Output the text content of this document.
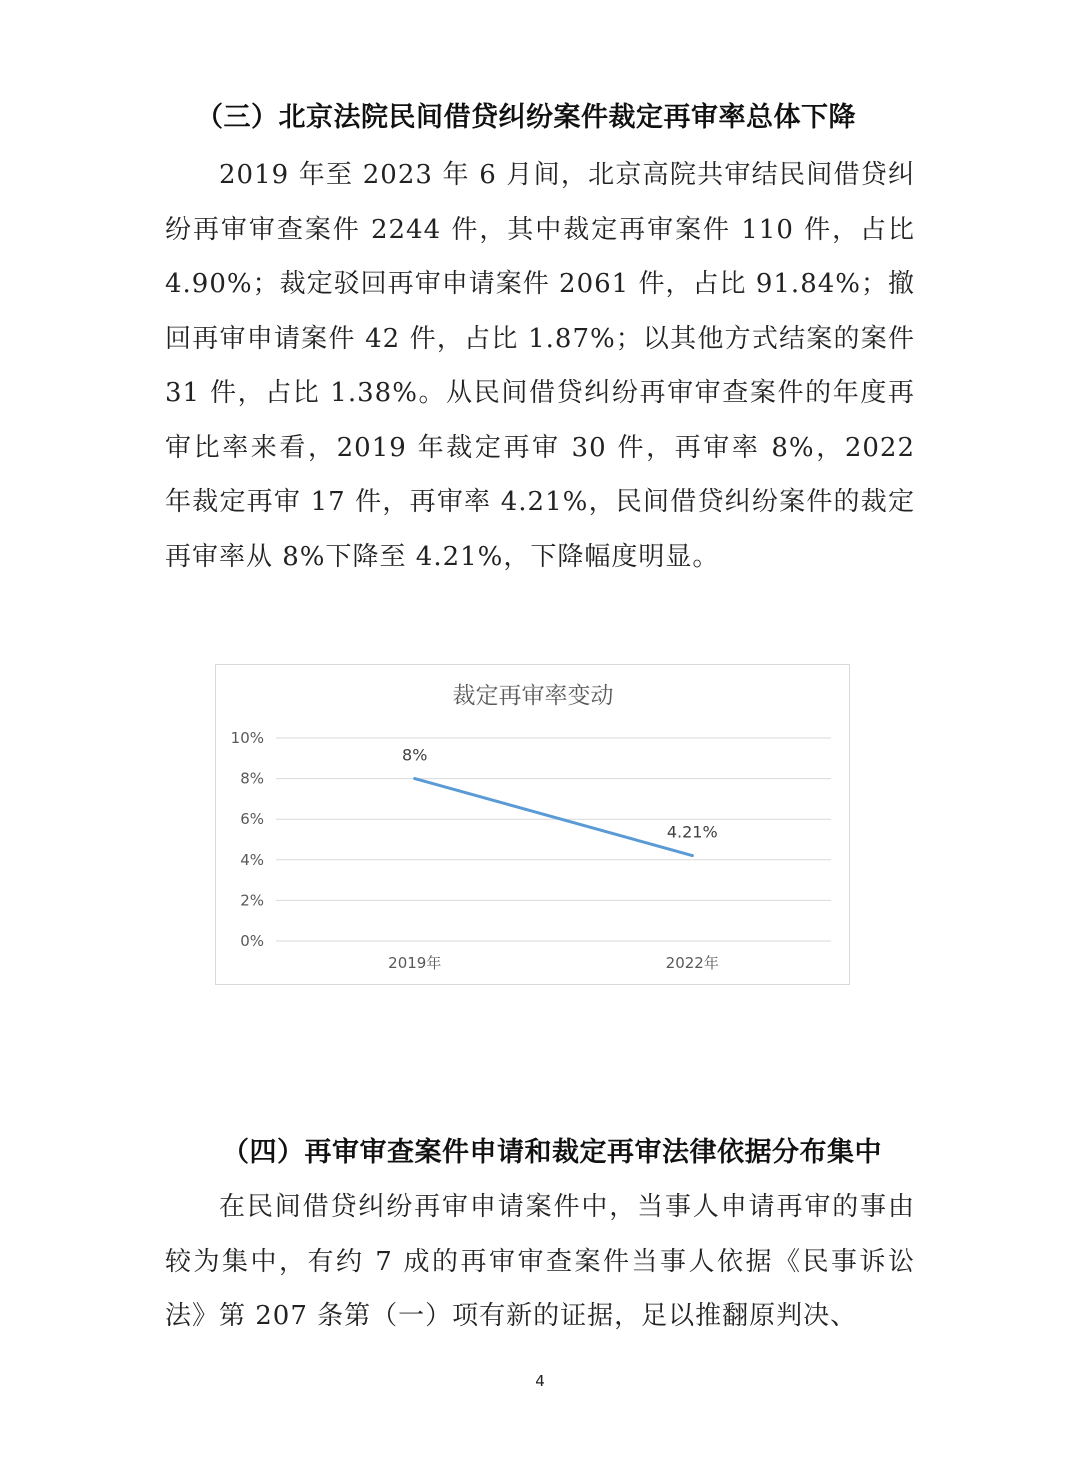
（三）北京法院民间借贷纠纷案件裁定再审率总体下降

2019 年至 2023 年 6 月间，北京高院共审结民间借贷纠纷再审审查案件 2244 件，其中裁定再审案件 110 件，占比 4.90%；裁定驳回再审申请案件 2061 件，占比 91.84%；撤回再审申请案件 42 件，占比 1.87%；以其他方式结案的案件 31 件，占比 1.38%。从民间借贷纠纷再审审查案件的年度再审比率来看，2019 年裁定再审 30 件，再审率 8%，2022 年裁定再审 17 件，再审率 4.21%，民间借贷纠纷案件的裁定再审率从 8%下降至 4.21%，下降幅度明显。

裁定再审率变动
0%
2%
4%
6%
8%
10%
2019年	2022年
8%
4.21%
（四）再审审查案件申请和裁定再审法律依据分布集中

在民间借贷纠纷再审申请案件中，当事人申请再审的事由较为集中，有约 7 成的再审审查案件当事人依据《民事诉讼法》第 207 条第（一）项有新的证据，足以推翻原判决、

4
